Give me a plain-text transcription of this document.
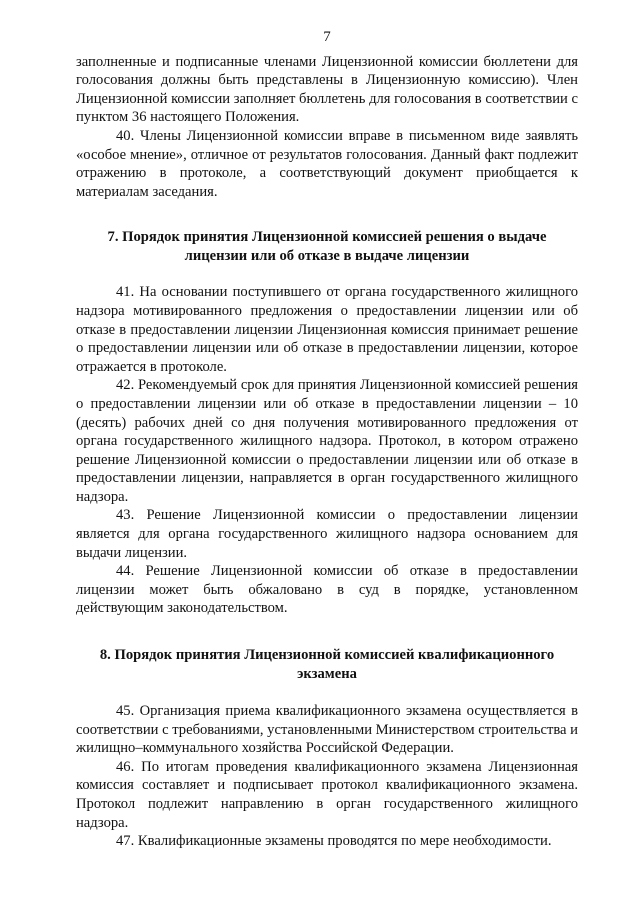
7

заполненные и подписанные членами Лицензионной комиссии бюллетени для голосования должны быть представлены в Лицензионную комиссию). Член Лицензионной комиссии заполняет бюллетень для голосования в соответствии с пунктом 36 настоящего Положения.

40. Члены Лицензионной комиссии вправе в письменном виде заявлять «особое мнение», отличное от результатов голосования. Данный факт подлежит отражению в протоколе, а соответствующий документ приобщается к материалам заседания.

7. Порядок принятия Лицензионной комиссией решения о выдаче
лицензии или об отказе в выдаче лицензии

41. На основании поступившего от органа государственного жилищного надзора мотивированного предложения о предоставлении лицензии или об отказе в предоставлении лицензии Лицензионная комиссия принимает решение о предоставлении лицензии или об отказе в предоставлении лицензии, которое отражается в протоколе.

42. Рекомендуемый срок для принятия Лицензионной комиссией решения о предоставлении лицензии или об отказе в предоставлении лицензии – 10 (десять) рабочих дней со дня получения мотивированного предложения от органа государственного жилищного надзора. Протокол, в котором отражено решение Лицензионной комиссии о предоставлении лицензии или об отказе в предоставлении лицензии, направляется в орган государственного жилищного надзора.

43. Решение Лицензионной комиссии о предоставлении лицензии является для органа государственного жилищного надзора основанием для выдачи лицензии.

44. Решение Лицензионной комиссии об отказе в предоставлении лицензии может быть обжаловано в суд в порядке, установленном действующим законодательством.

8. Порядок принятия Лицензионной комиссией квалификационного
экзамена

45. Организация приема квалификационного экзамена осуществляется в соответствии с требованиями, установленными Министерством строительства и жилищно–коммунального хозяйства Российской Федерации.

46. По итогам проведения квалификационного экзамена Лицензионная комиссия составляет и подписывает протокол квалификационного экзамена. Протокол подлежит направлению в орган государственного жилищного надзора.

47. Квалификационные экзамены проводятся по мере необходимости.
